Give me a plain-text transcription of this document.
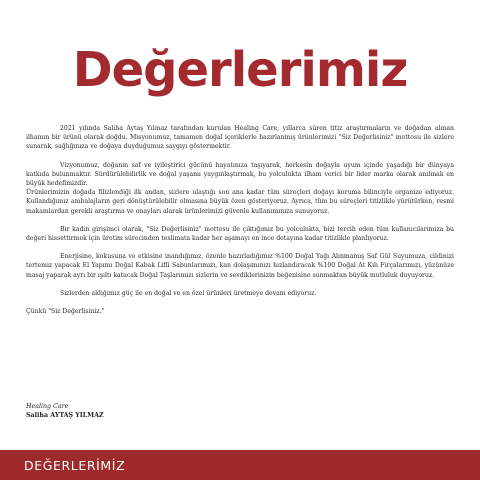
Değerlerimiz

2021 yılında Saliha Aytaş Yılmaz tarafından kurulan Healing Care, yıllarca süren titiz araştırmaların ve doğadan alınan ilhamın bir ürünü olarak doğdu. Misyonumuz, tamamen doğal içeriklerle hazırlanmış ürünlerimizi "Siz Değerlisiniz" mottosu ile sizlere sunarak, sağlığınıza ve doğaya duyduğumuz saygıyı göstermektir.

Vizyonumuz, doğanın saf ve iyileştirici gücünü hayatınıza taşıyarak, herkesin doğayla uyum içinde yaşadığı bir dünyaya katkıda bulunmaktır. Sürdürülebilirlik ve doğal yaşamı yaygınlaştırmak, bu yolculukta ilham verici bir lider marka olarak anılmak en büyük hedefimizdir.

Ürünlerimizin doğada filizlendiği ilk andan, sizlere ulaştığı son ana kadar tüm süreçleri doğayı koruma bilinciyle organize ediyoruz. Kullandığımız ambalajların geri dönüştürülebilir olmasına büyük özen gösteriyoruz. Ayrıca, tüm bu süreçleri titizlikle yürütürken, resmi makamlardan gerekli araştırma ve onayları alarak ürünlerimizi güvenle kullanımınıza sunuyoruz.

Bir kadın girişimci olarak, "Siz Değerlisiniz" mottosu ile çıktığımız bu yolculukta, bizi tercih eden tüm kullanıcılarımıza bu değeri hissettirmek için üretim sürecinden teslimata kadar her aşamayı en ince detayına kadar titizlikle planlıyoruz.

Enerjisine, kokusuna ve etkisine inandığımız, özenle hazırladığımız %100 Doğal Yağı Alınmamış Saf Gül Suyumuza, cildinizi tertemiz yapacak El Yapımı Doğal Kabak Lifli Sabunlarımızı, kan dolaşımınızı hızlandıracak %100 Doğal At Kılı Fırçalarımızı, yüzünüze masaj yaparak ayrı bir ışıltı katacak Doğal Taşlarımızı sizlerin ve sevdiklerinizin beğenisine sunmaktan büyük mutluluk duyuyoruz.

Sizlerden aldığımız güç ile en doğal ve en özel ürünleri üretmeye devam ediyoruz.

Çünkü "Siz Değerlisiniz."

Healing Care
Saliha AYTAŞ YILMAZ
DEĞERLERİMİZ
